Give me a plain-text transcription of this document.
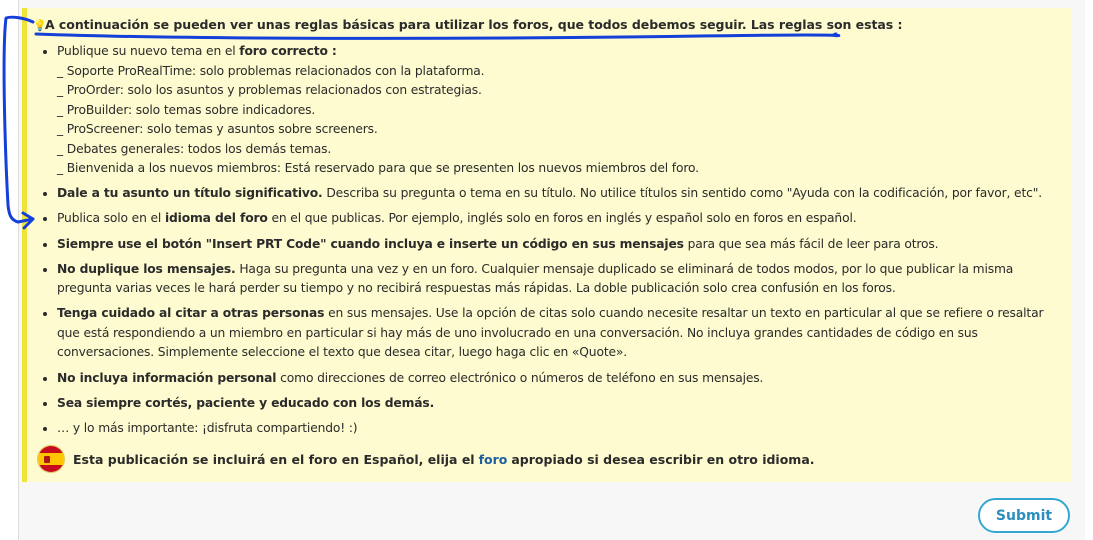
💡A continuación se pueden ver unas reglas básicas para utilizar los foros, que todos debemos seguir. Las reglas son estas :
• Publique su nuevo tema en el foro correcto :
_ Soporte ProRealTime: solo problemas relacionados con la plataforma.
_ ProOrder: solo los asuntos y problemas relacionados con estrategias.
_ ProBuilder: solo temas sobre indicadores.
_ ProScreener: solo temas y asuntos sobre screeners.
_ Debates generales: todos los demás temas.
_ Bienvenida a los nuevos miembros: Está reservado para que se presenten los nuevos miembros del foro.
• Dale a tu asunto un título significativo. Describa su pregunta o tema en su título. No utilice títulos sin sentido como "Ayuda con la codificación, por favor, etc".
• Publica solo en el idioma del foro en el que publicas. Por ejemplo, inglés solo en foros en inglés y español solo en foros en español.
• Siempre use el botón "Insert PRT Code" cuando incluya e inserte un código en sus mensajes para que sea más fácil de leer para otros.
• No duplique los mensajes. Haga su pregunta una vez y en un foro. Cualquier mensaje duplicado se eliminará de todos modos, por lo que publicar la misma pregunta varias veces le hará perder su tiempo y no recibirá respuestas más rápidas. La doble publicación solo crea confusión en los foros.
• Tenga cuidado al citar a otras personas en sus mensajes. Use la opción de citas solo cuando necesite resaltar un texto en particular al que se refiere o resaltar que está respondiendo a un miembro en particular si hay más de uno involucrado en una conversación. No incluya grandes cantidades de código en sus conversaciones. Simplemente seleccione el texto que desea citar, luego haga clic en «Quote».
• No incluya información personal como direcciones de correo electrónico o números de teléfono en sus mensajes.
• Sea siempre cortés, paciente y educado con los demás.
• … y lo más importante: ¡disfruta compartiendo! :)
Esta publicación se incluirá en el foro en Español, elija el foro apropiado si desea escribir en otro idioma.
Submit
